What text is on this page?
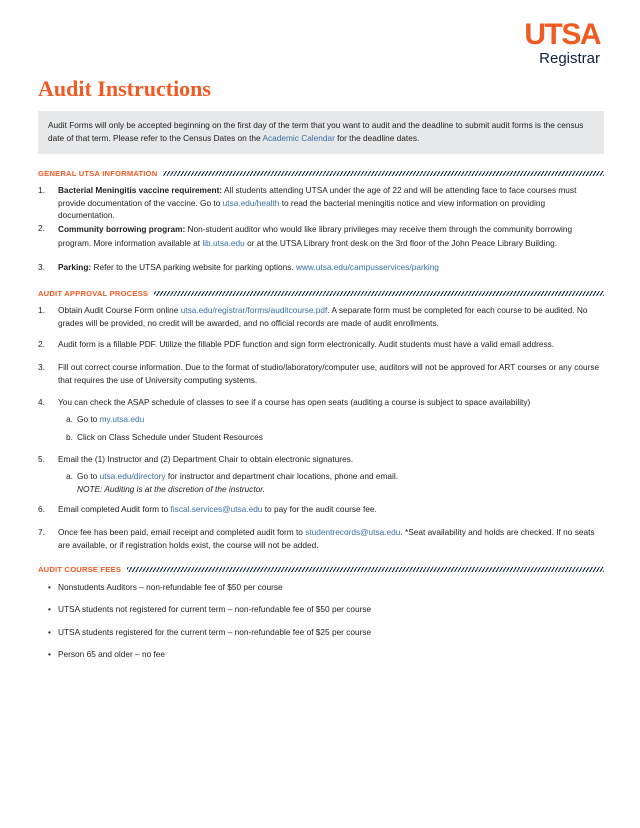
UTSA
Registrar
Audit Instructions
Audit Forms will only be accepted beginning on the first day of the term that you want to audit and the deadline to submit audit forms is the census date of that term. Please refer to the Census Dates on the Academic Calendar for the deadline dates.
GENERAL UTSA INFORMATION
1. Bacterial Meningitis vaccine requirement: All students attending UTSA under the age of 22 and will be attending face to face courses must provide documentation of the vaccine. Go to utsa.edu/health to read the bacterial meningitis notice and view information on providing documentation.
2. Community borrowing program: Non-student auditor who would like library privileges may receive them through the community borrowing program. More information available at lib.utsa.edu or at the UTSA Library front desk on the 3rd floor of the John Peace Library Building.
3. Parking: Refer to the UTSA parking website for parking options. www.utsa.edu/campusservices/parking
AUDIT APPROVAL PROCESS
1. Obtain Audit Course Form online utsa.edu/registrar/forms/auditcourse.pdf. A separate form must be completed for each course to be audited. No grades will be provided, no credit will be awarded, and no official records are made of audit enrollments.
2. Audit form is a fillable PDF. Utilize the fillable PDF function and sign form electronically. Audit students must have a valid email address.
3. Fill out correct course information. Due to the format of studio/laboratory/computer use, auditors will not be approved for ART courses or any course that requires the use of University computing systems.
4. You can check the ASAP schedule of classes to see if a course has open seats (auditing a course is subject to space availability)
a. Go to my.utsa.edu
b. Click on Class Schedule under Student Resources
5. Email the (1) Instructor and (2) Department Chair to obtain electronic signatures.
a. Go to utsa.edu/directory for instructor and department chair locations, phone and email.
NOTE: Auditing is at the discretion of the instructor.
6. Email completed Audit form to fiscal.services@utsa.edu to pay for the audit course fee.
7. Once fee has been paid, email receipt and completed audit form to studentrecords@utsa.edu. *Seat availability and holds are checked. If no seats are available, or if registration holds exist, the course will not be added.
AUDIT COURSE FEES
• Nonstudents Auditors – non-refundable fee of $50 per course
• UTSA students not registered for current term – non-refundable fee of $50 per course
• UTSA students registered for the current term – non-refundable fee of $25 per course
• Person 65 and older – no fee
